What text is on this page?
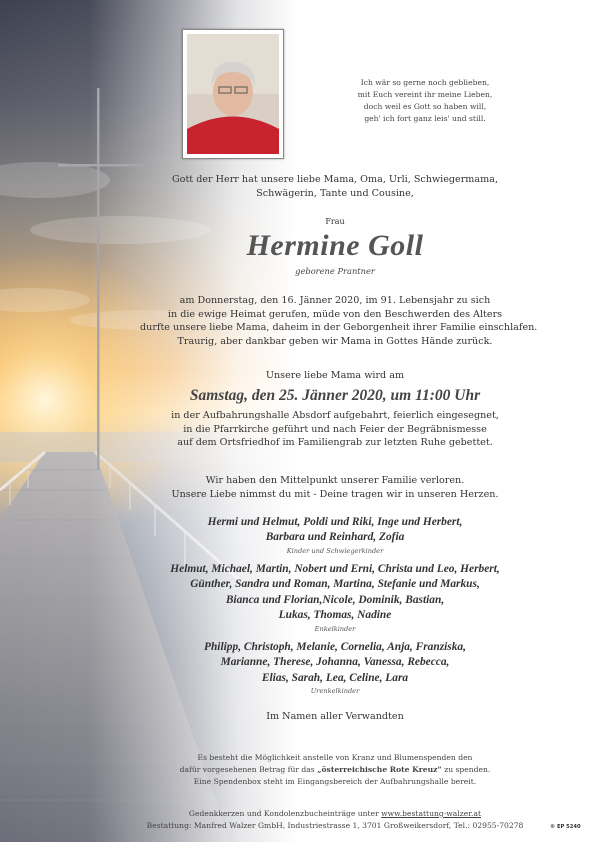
Ich wär so gerne noch geblieben,
mit Euch vereint ihr meine Lieben,
doch weil es Gott so haben will,
geh' ich fort ganz leis' und still.
Gott der Herr hat unsere liebe Mama, Oma, Urli, Schwiegermama,
Schwägerin, Tante und Cousine,
Frau
Hermine Goll
geborene Prantner
am Donnerstag, den 16. Jänner 2020, im 91. Lebensjahr zu sich
in die ewige Heimat gerufen, müde von den Beschwerden des Alters
durfte unsere liebe Mama, daheim in der Geborgenheit ihrer Familie einschlafen.
Traurig, aber dankbar geben wir Mama in Gottes Hände zurück.
Unsere liebe Mama wird am
Samstag, den 25. Jänner 2020, um 11:00 Uhr
in der Aufbahrungshalle Absdorf aufgebahrt, feierlich eingesegnet,
in die Pfarrkirche geführt und nach Feier der Begräbnismesse
auf dem Ortsfriedhof im Familiengrab zur letzten Ruhe gebettet.
Wir haben den Mittelpunkt unserer Familie verloren.
Unsere Liebe nimmst du mit - Deine tragen wir in unseren Herzen.
Hermi und Helmut, Poldi und Riki, Inge und Herbert,
Barbara und Reinhard, Zofia
Kinder und Schwiegerkinder
Helmut, Michael, Martin, Nobert und Erni, Christa und Leo, Herbert,
Günther, Sandra und Roman, Martina, Stefanie und Markus,
Bianca und Florian,Nicole, Dominik, Bastian,
Lukas, Thomas, Nadine
Enkelkinder
Philipp, Christoph, Melanie, Cornelia, Anja, Franziska,
Marianne, Therese, Johanna, Vanessa, Rebecca,
Elias, Sarah, Lea, Celine, Lara
Urenkelkinder
Im Namen aller Verwandten
Es besteht die Möglichkeit anstelle von Kranz und Blumenspenden den
dafür vorgesehenen Betrag für das „österreichische Rote Kreuz“ zu spenden.
Eine Spendenbox steht im Eingangsbereich der Aufbahrungshalle bereit.
Gedenkkerzen und Kondolenzbucheinträge unter www.bestattung-walzer.at
Bestattung: Manfred Walzer GmbH, Industriestrasse 1, 3701 Großweikersdorf, Tel.: 02955-70278	© EP 5240
